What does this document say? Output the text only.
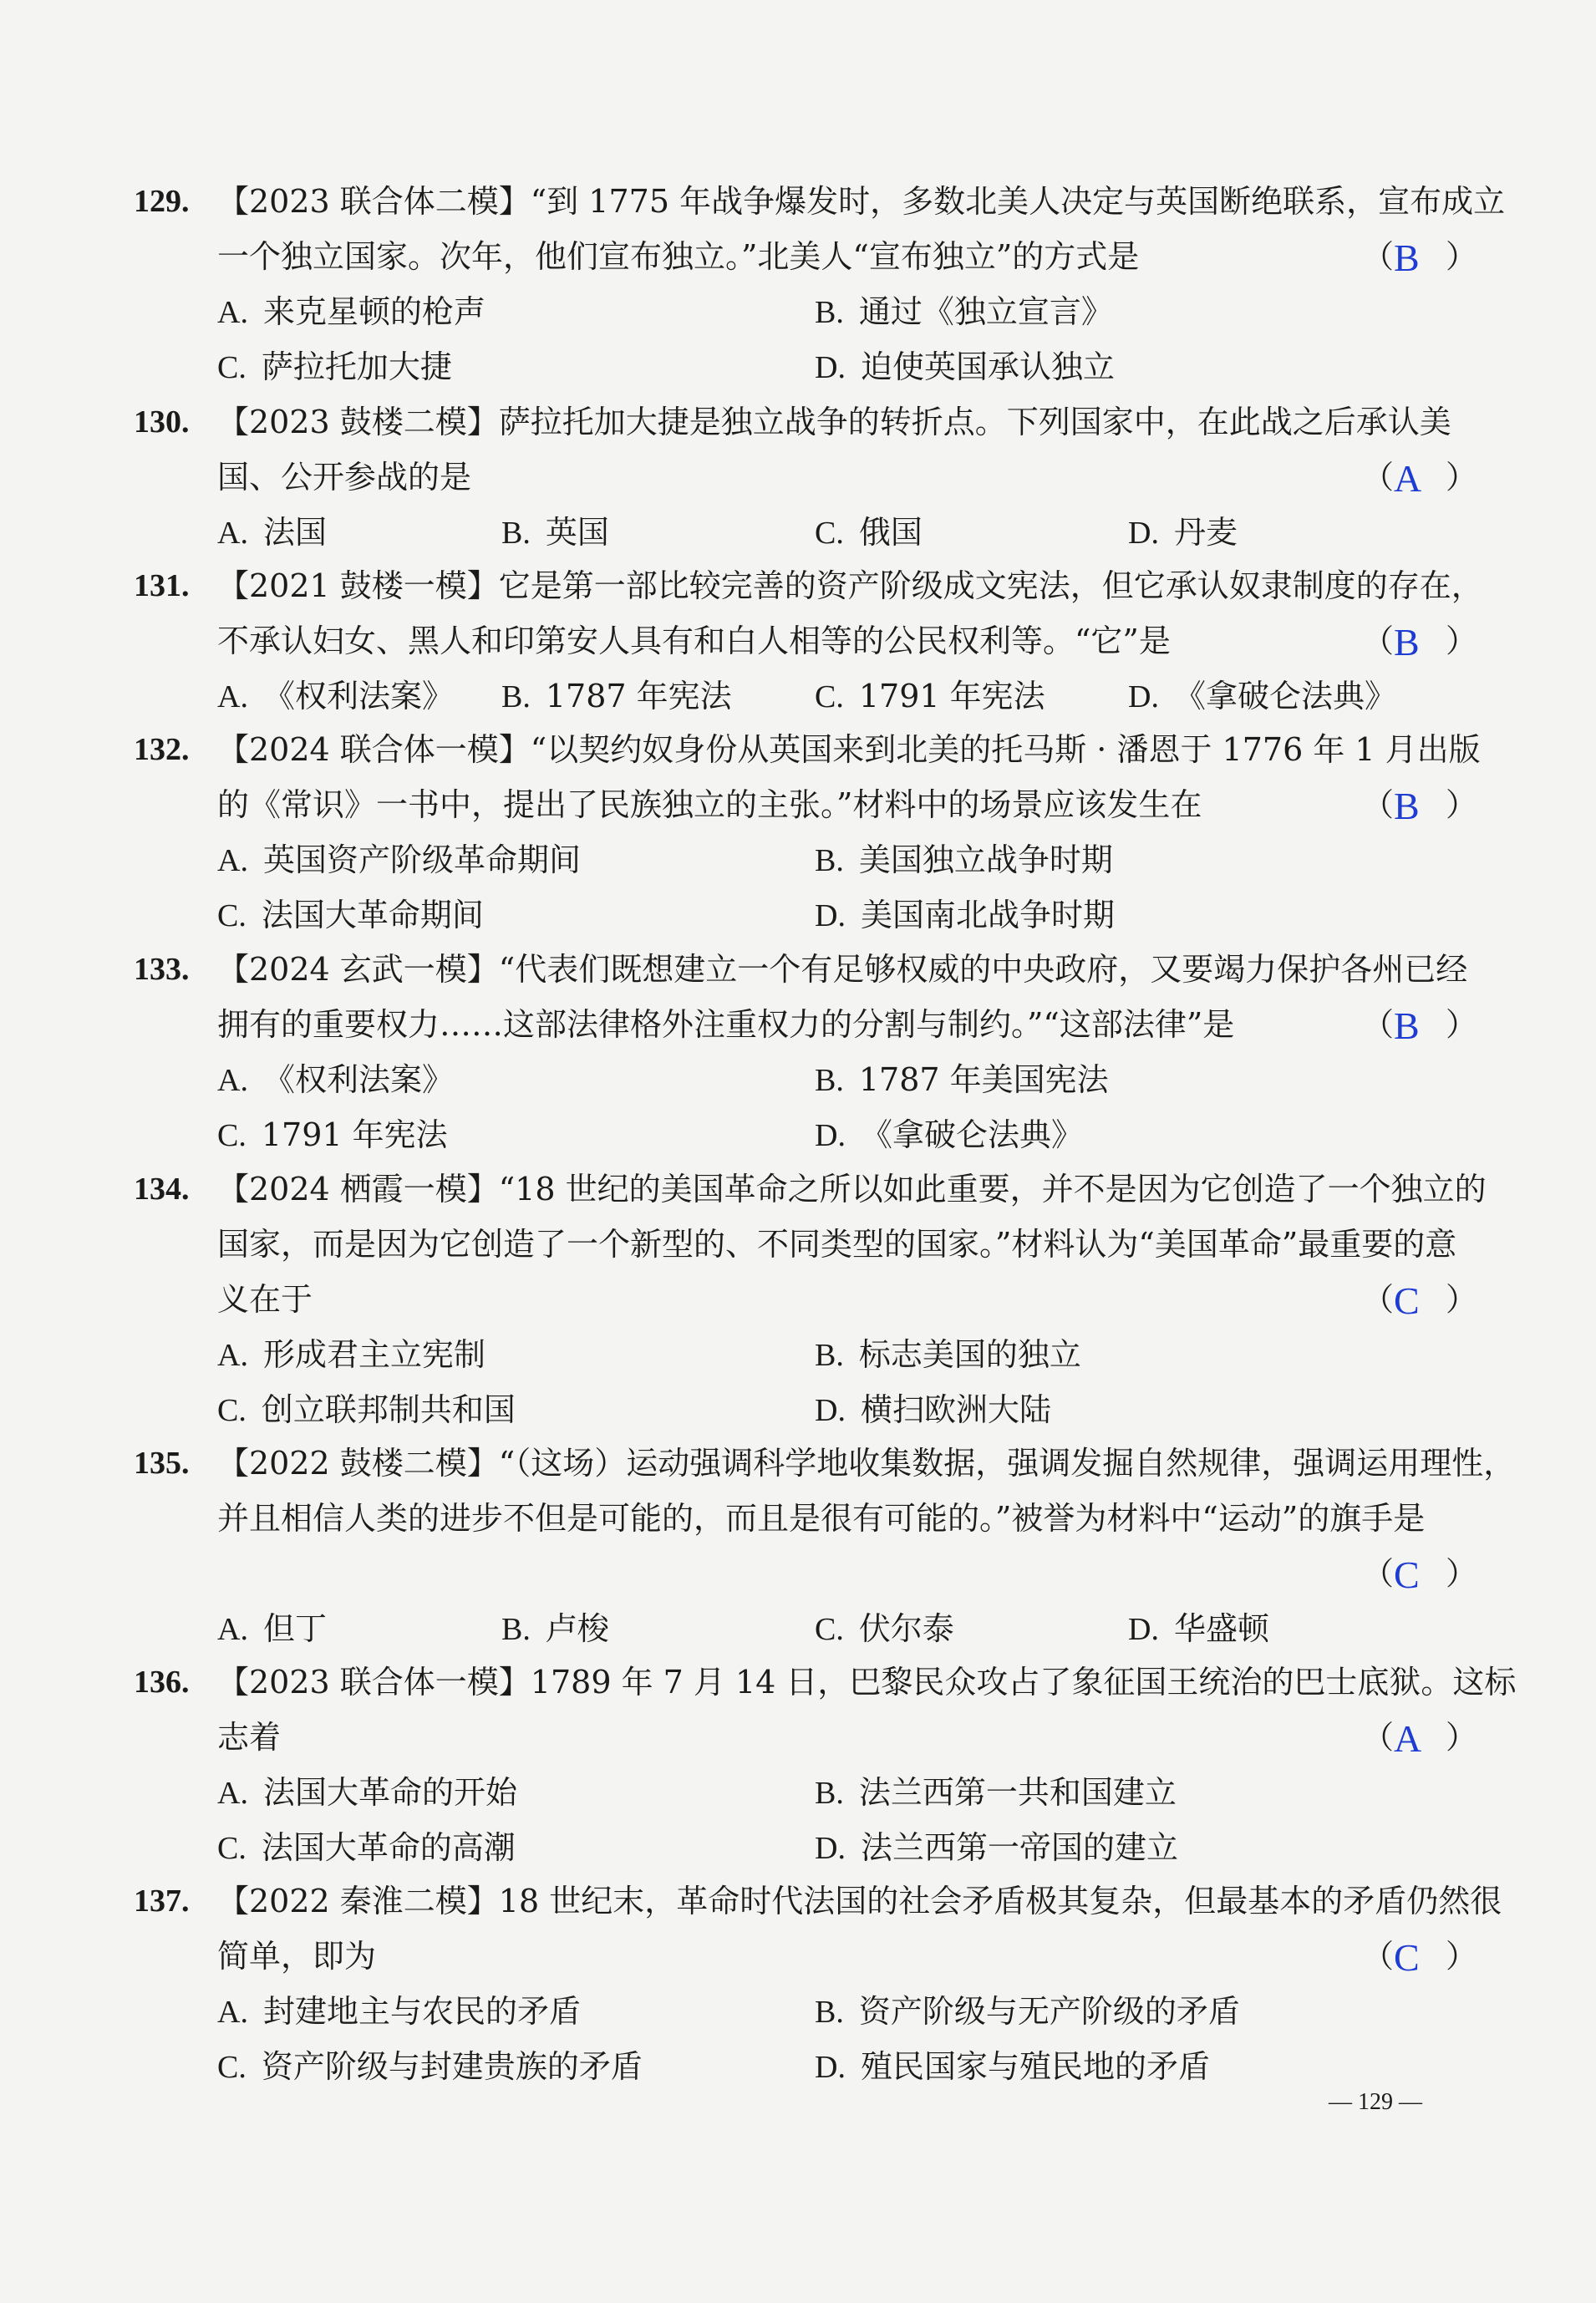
129. 【2023 联合体二模】“到 1775 年战争爆发时，多数北美人决定与英国断绝联系，宣布成立
一个独立国家。次年，他们宣布独立。”北美人“宣布独立”的方式是	（ B ）
A. 来克星顿的枪声	B. 通过《独立宣言》
C. 萨拉托加大捷	D. 迫使英国承认独立
130. 【2023 鼓楼二模】萨拉托加大捷是独立战争的转折点。下列国家中，在此战之后承认美
国、公开参战的是	（ A ）
A. 法国	B. 英国	C. 俄国	D. 丹麦
131. 【2021 鼓楼一模】它是第一部比较完善的资产阶级成文宪法，但它承认奴隶制度的存在，
不承认妇女、黑人和印第安人具有和白人相等的公民权利等。“它”是	（ B ）
A. 《权利法案》 B. 1787 年宪法	C. 1791 年宪法	D. 《拿破仑法典》
132. 【2024 联合体一模】“以契约奴身份从英国来到北美的托马斯 · 潘恩于 1776 年 1 月出版
的《常识》一书中，提出了民族独立的主张。”材料中的场景应该发生在	（ B ）
A. 英国资产阶级革命期间	B. 美国独立战争时期
C. 法国大革命期间	D. 美国南北战争时期
133. 【2024 玄武一模】“代表们既想建立一个有足够权威的中央政府，又要竭力保护各州已经
拥有的重要权力……这部法律格外注重权力的分割与制约。”“这部法律”是	（ B ）
A. 《权利法案》	B. 1787 年美国宪法
C. 1791 年宪法	D. 《拿破仑法典》
134. 【2024 栖霞一模】“18 世纪的美国革命之所以如此重要，并不是因为它创造了一个独立的
国家，而是因为它创造了一个新型的、不同类型的国家。”材料认为“美国革命”最重要的意
义在于	（ C ）
A. 形成君主立宪制	B. 标志美国的独立
C. 创立联邦制共和国	D. 横扫欧洲大陆
135. 【2022 鼓楼二模】“（这场）运动强调科学地收集数据，强调发掘自然规律，强调运用理性，
并且相信人类的进步不但是可能的，而且是很有可能的。”被誉为材料中“运动”的旗手是
（ C ）
A. 但丁	B. 卢梭	C. 伏尔泰	D. 华盛顿
136. 【2023 联合体一模】1789 年 7 月 14 日，巴黎民众攻占了象征国王统治的巴士底狱。这标
志着	（ A ）
A. 法国大革命的开始	B. 法兰西第一共和国建立
C. 法国大革命的高潮	D. 法兰西第一帝国的建立
137. 【2022 秦淮二模】18 世纪末，革命时代法国的社会矛盾极其复杂，但最基本的矛盾仍然很
简单，即为	（ C ）
A. 封建地主与农民的矛盾	B. 资产阶级与无产阶级的矛盾
C. 资产阶级与封建贵族的矛盾	D. 殖民国家与殖民地的矛盾
— 129 —
